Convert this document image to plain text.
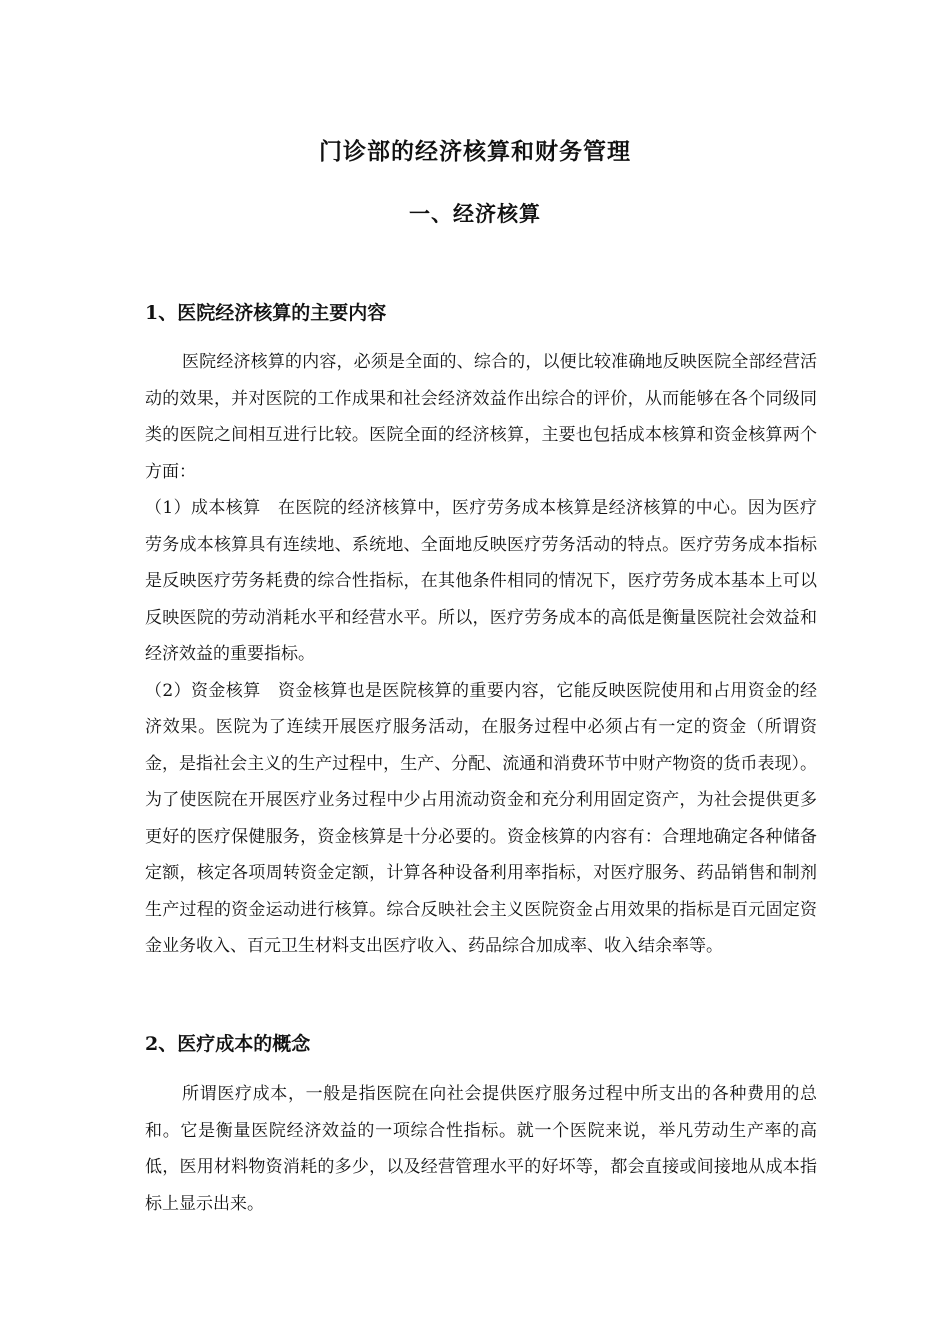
门诊部的经济核算和财务管理
一、经济核算
1、医院经济核算的主要内容

医院经济核算的内容，必须是全面的、综合的，以便比较准确地反映医院全部经营活动的效果，并对医院的工作成果和社会经济效益作出综合的评价，从而能够在各个同级同类的医院之间相互进行比较。医院全面的经济核算，主要也包括成本核算和资金核算两个方面：

（1）成本核算 在医院的经济核算中，医疗劳务成本核算是经济核算的中心。因为医疗劳务成本核算具有连续地、系统地、全面地反映医疗劳务活动的特点。医疗劳务成本指标是反映医疗劳务耗费的综合性指标，在其他条件相同的情况下，医疗劳务成本基本上可以反映医院的劳动消耗水平和经营水平。所以，医疗劳务成本的高低是衡量医院社会效益和经济效益的重要指标。

（2）资金核算 资金核算也是医院核算的重要内容，它能反映医院使用和占用资金的经济效果。医院为了连续开展医疗服务活动，在服务过程中必须占有一定的资金（所谓资金，是指社会主义的生产过程中，生产、分配、流通和消费环节中财产物资的货币表现）。为了使医院在开展医疗业务过程中少占用流动资金和充分利用固定资产，为社会提供更多更好的医疗保健服务，资金核算是十分必要的。资金核算的内容有：合理地确定各种储备定额，核定各项周转资金定额，计算各种设备利用率指标，对医疗服务、药品销售和制剂生产过程的资金运动进行核算。综合反映社会主义医院资金占用效果的指标是百元固定资金业务收入、百元卫生材料支出医疗收入、药品综合加成率、收入结余率等。

2、医疗成本的概念

所谓医疗成本，一般是指医院在向社会提供医疗服务过程中所支出的各种费用的总和。它是衡量医院经济效益的一项综合性指标。就一个医院来说，举凡劳动生产率的高低，医用材料物资消耗的多少，以及经营管理水平的好坏等，都会直接或间接地从成本指标上显示出来。
